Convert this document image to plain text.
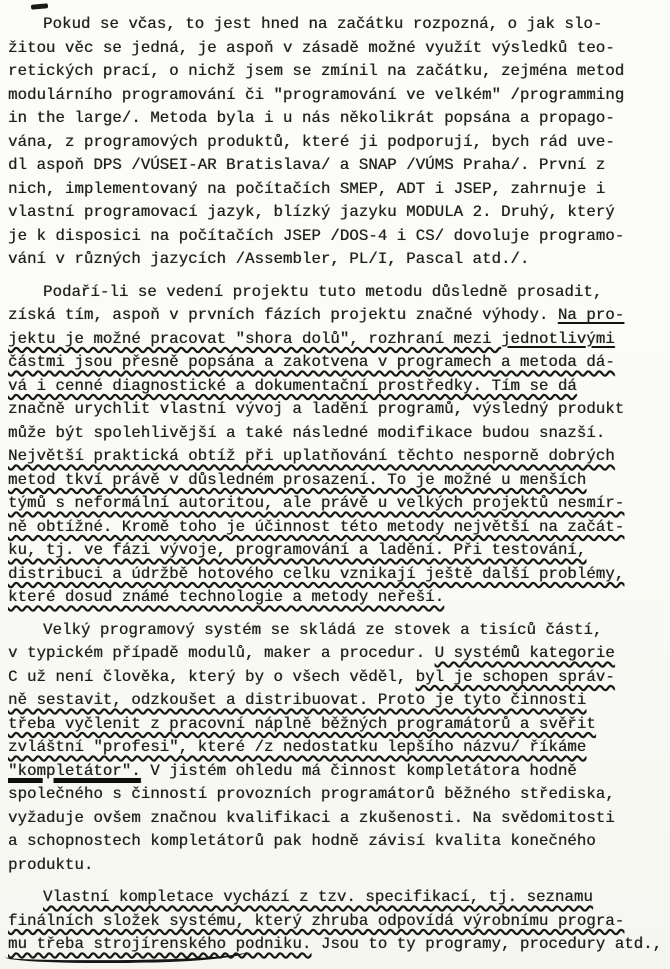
Pokud se včas, to jest hned na začátku rozpozná, o jak slo-
žitou věc se jedná, je aspoň v zásadě možné využít výsledků teo-
retických prací, o nichž jsem se zmínil na začátku, zejména metod
modulárního programování či "programování ve velkém" /programming
in the large/. Metoda byla i u nás několikrát popsána a propago-
vána, z programových produktů, které ji podporují, bych rád uve-
dl aspoň DPS /VÚSEI-AR Bratislava/ a SNAP /VÚMS Praha/. První z
nich, implementovaný na počítačích SMEP, ADT i JSEP, zahrnuje i
vlastní programovací jazyk, blízký jazyku MODULA 2. Druhý, který
je k disposici na počítačích JSEP /DOS-4 i CS/ dovoluje programo-
vání v různých jazycích /Assembler, PL/I, Pascal atd./.
Podaří-li se vedení projektu tuto metodu důsledně prosadit,
získá tím, aspoň v prvních fázích projektu značné výhody. Na pro-
jektu je možné pracovat "shora dolů", rozhraní mezi jednotlivými
částmi jsou přesně popsána a zakotvena v programech a metoda dá-
vá i cenné diagnostické a dokumentační prostředky. Tím se dá
značně urychlit vlastní vývoj a ladění programů, výsledný produkt
může být spolehlivější a také následné modifikace budou snazší.
Největší praktická obtíž při uplatňování těchto nesporně dobrých
metod tkví právě v důsledném prosazení. To je možné u menších
týmů s neformální autoritou, ale právě u velkých projektů nesmír-
ně obtížné. Kromě toho je účinnost této metody největší na začát-
ku, tj. ve fázi vývoje, programování a ladění. Při testování,
distribuci a údržbě hotového celku vznikají ještě další problémy,
které dosud známé technologie a metody neřeší.
Velký programový systém se skládá ze stovek a tisíců částí,
v typickém případě modulů, maker a procedur. U systémů kategorie
C už není člověka, který by o všech věděl, byl je schopen správ-
ně sestavit, odzkoušet a distribuovat. Proto je tyto činnosti
třeba vyčlenit z pracovní náplně běžných programátorů a svěřit
zvláštní "profesi", které /z nedostatku lepšího názvu/ říkáme
"kompletátor". V jistém ohledu má činnost kompletátora hodně
společného s činností provozních programátorů běžného střediska,
vyžaduje ovšem značnou kvalifikaci a zkušenosti. Na svědomitosti
a schopnostech kompletátorů pak hodně závisí kvalita konečného
produktu.
Vlastní kompletace vychází z tzv. specifikací, tj. seznamu
finálních složek systému, který zhruba odpovídá výrobnímu progra-
mu třeba strojírenského podniku. Jsou to ty programy, procedury atd.,
